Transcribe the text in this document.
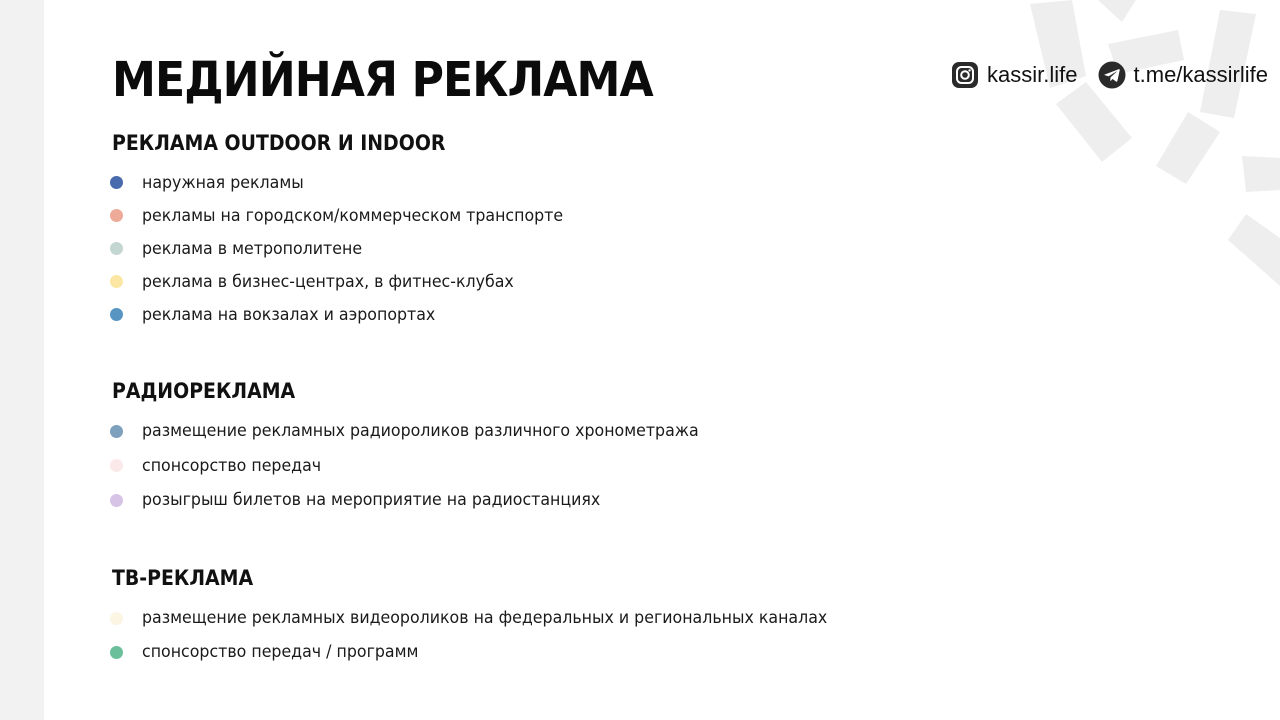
МЕДИЙНАЯ РЕКЛАМА	kassir.life	t.me/kassirlife
РЕКЛАМА OUTDOOR И INDOOR
наружная рекламы
рекламы на городском/коммерческом транспорте
реклама в метрополитене
реклама в бизнес-центрах, в фитнес-клубах
реклама на вокзалах и аэропортах
РАДИОРЕКЛАМА
размещение рекламных радиороликов различного хронометража
спонсорство передач
розыгрыш билетов на мероприятие на радиостанциях
ТВ-РЕКЛАМА
размещение рекламных видеороликов на федеральных и региональных каналах
спонсорство передач / программ
